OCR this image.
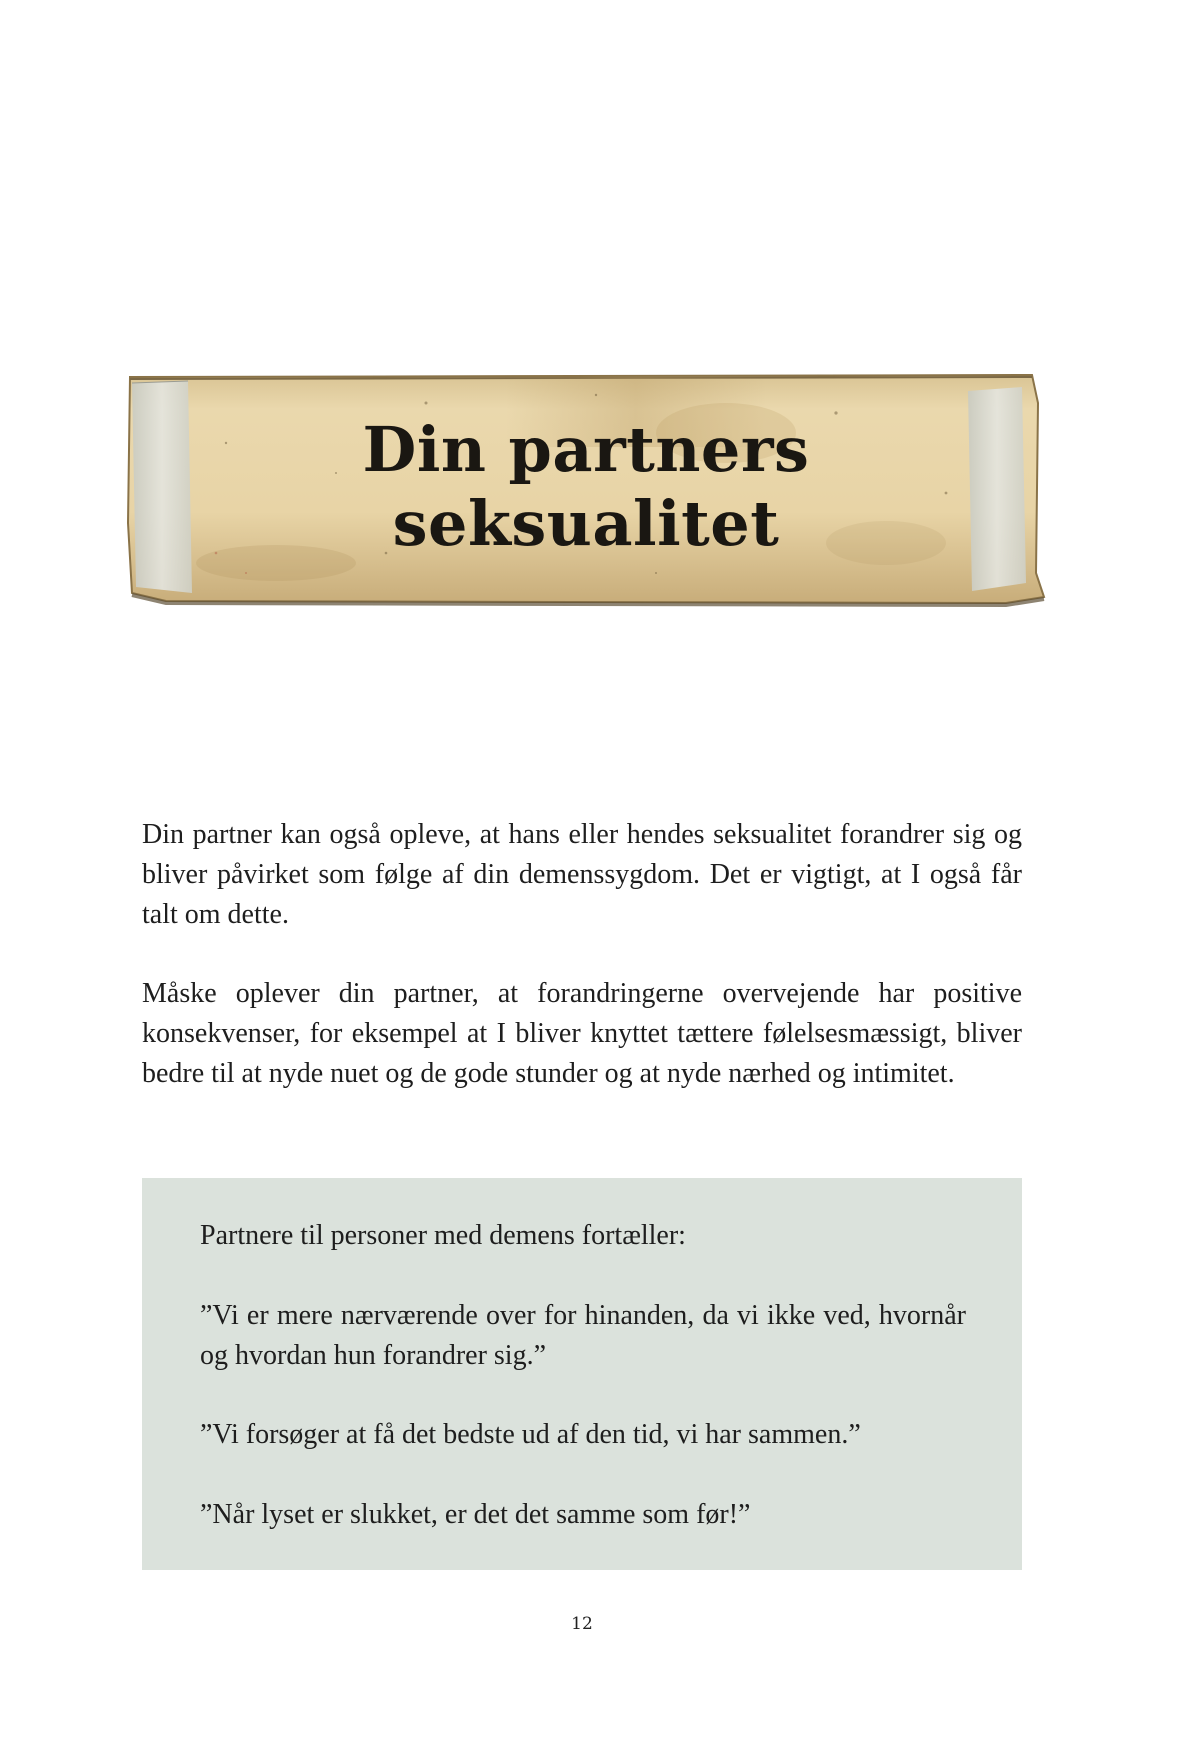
Din partners
seksualitet

Din partner kan også opleve, at hans eller hendes seksualitet forandrer sig og bliver påvirket som følge af din demenssygdom. Det er vigtigt, at I også får talt om dette.

Måske oplever din partner, at forandringerne overvejende har positive konsekvenser, for eksempel at I bliver knyttet tættere følelsesmæssigt, bliver bedre til at nyde nuet og de gode stunder og at nyde nærhed og intimitet.

Partnere til personer med demens fortæller:

”Vi er mere nærværende over for hinanden, da vi ikke ved, hvornår og hvordan hun forandrer sig.”

”Vi forsøger at få det bedste ud af den tid, vi har sammen.”

”Når lyset er slukket, er det det samme som før!”

12
